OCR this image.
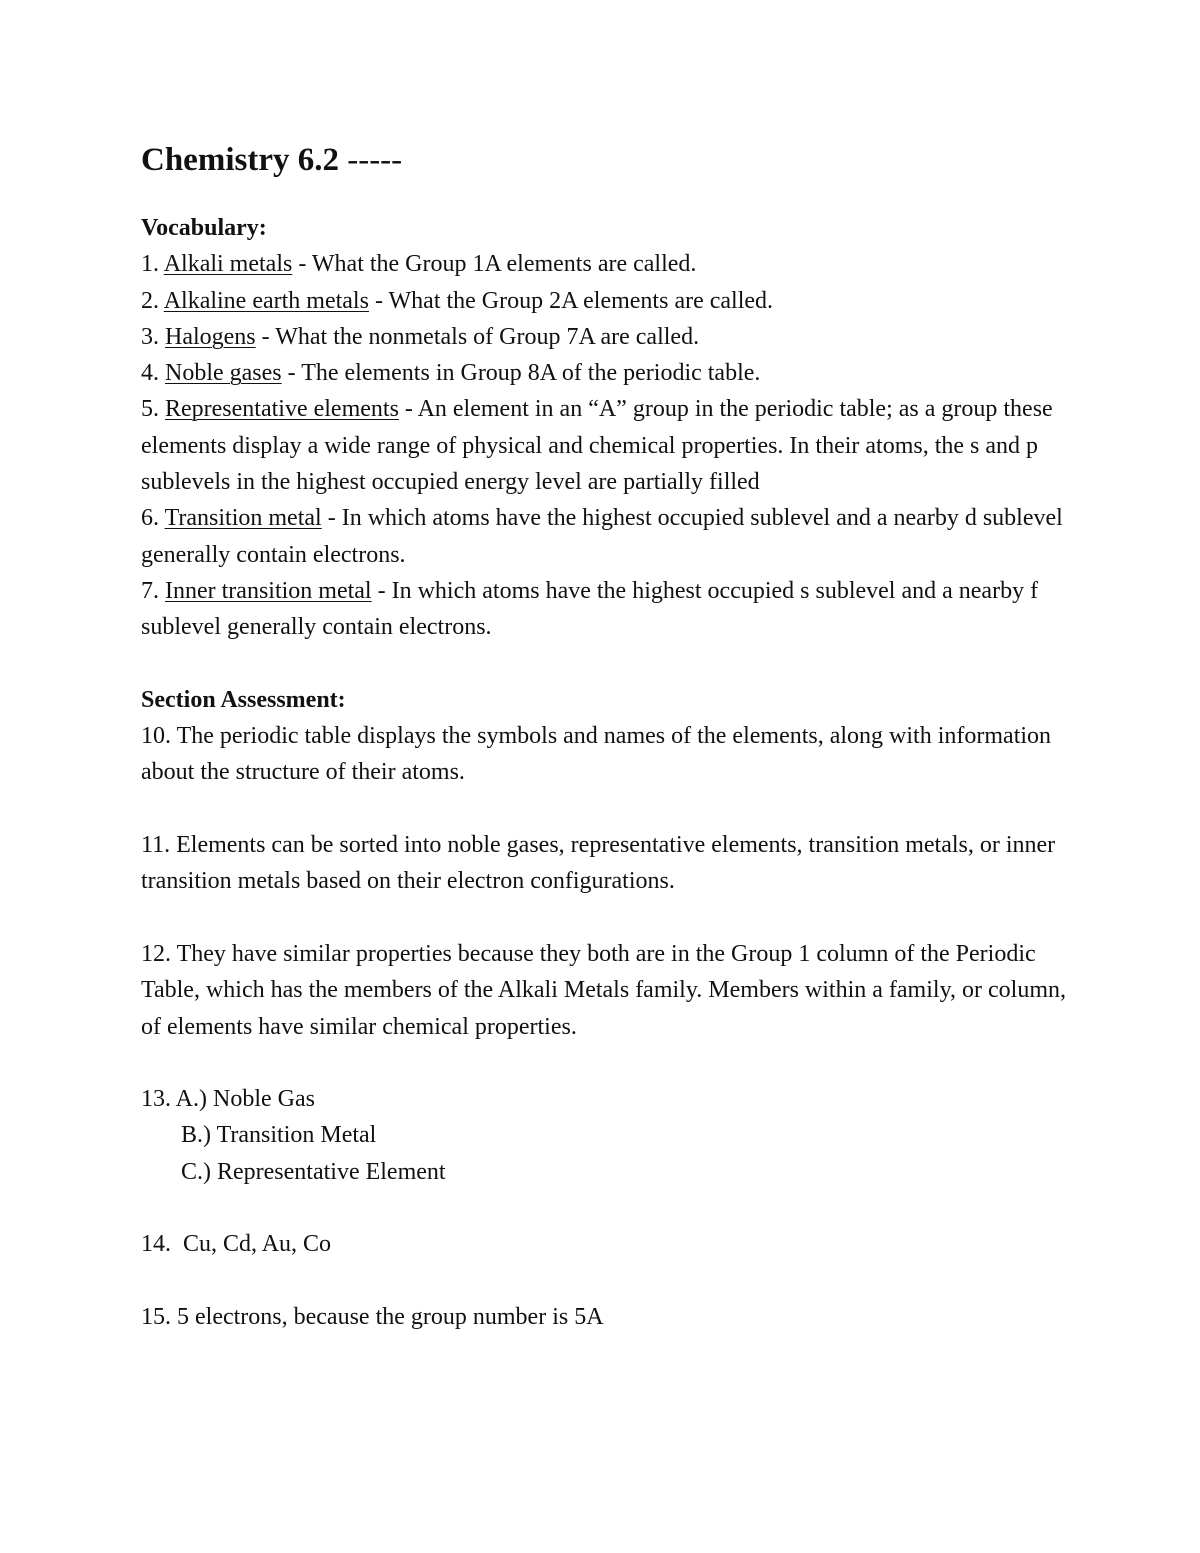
Chemistry 6.2 -----

Vocabulary:

1. Alkali metals - What the Group 1A elements are called.

2. Alkaline earth metals - What the Group 2A elements are called.

3. Halogens - What the nonmetals of Group 7A are called.

4. Noble gases - The elements in Group 8A of the periodic table.

5. Representative elements - An element in an “A” group in the periodic table; as a group these elements display a wide range of physical and chemical properties. In their atoms, the s and p sublevels in the highest occupied energy level are partially filled

6. Transition metal - In which atoms have the highest occupied sublevel and a nearby d sublevel generally contain electrons.

7. Inner transition metal - In which atoms have the highest occupied s sublevel and a nearby f sublevel generally contain electrons.

Section Assessment:

10. The periodic table displays the symbols and names of the elements, along with information about the structure of their atoms.

11. Elements can be sorted into noble gases, representative elements, transition metals, or inner transition metals based on their electron configurations.

12. They have similar properties because they both are in the Group 1 column of the Periodic Table, which has the members of the Alkali Metals family. Members within a family, or column, of elements have similar chemical properties.

13. A.) Noble Gas

B.) Transition Metal

C.) Representative Element

14.  Cu, Cd, Au, Co

15. 5 electrons, because the group number is 5A
